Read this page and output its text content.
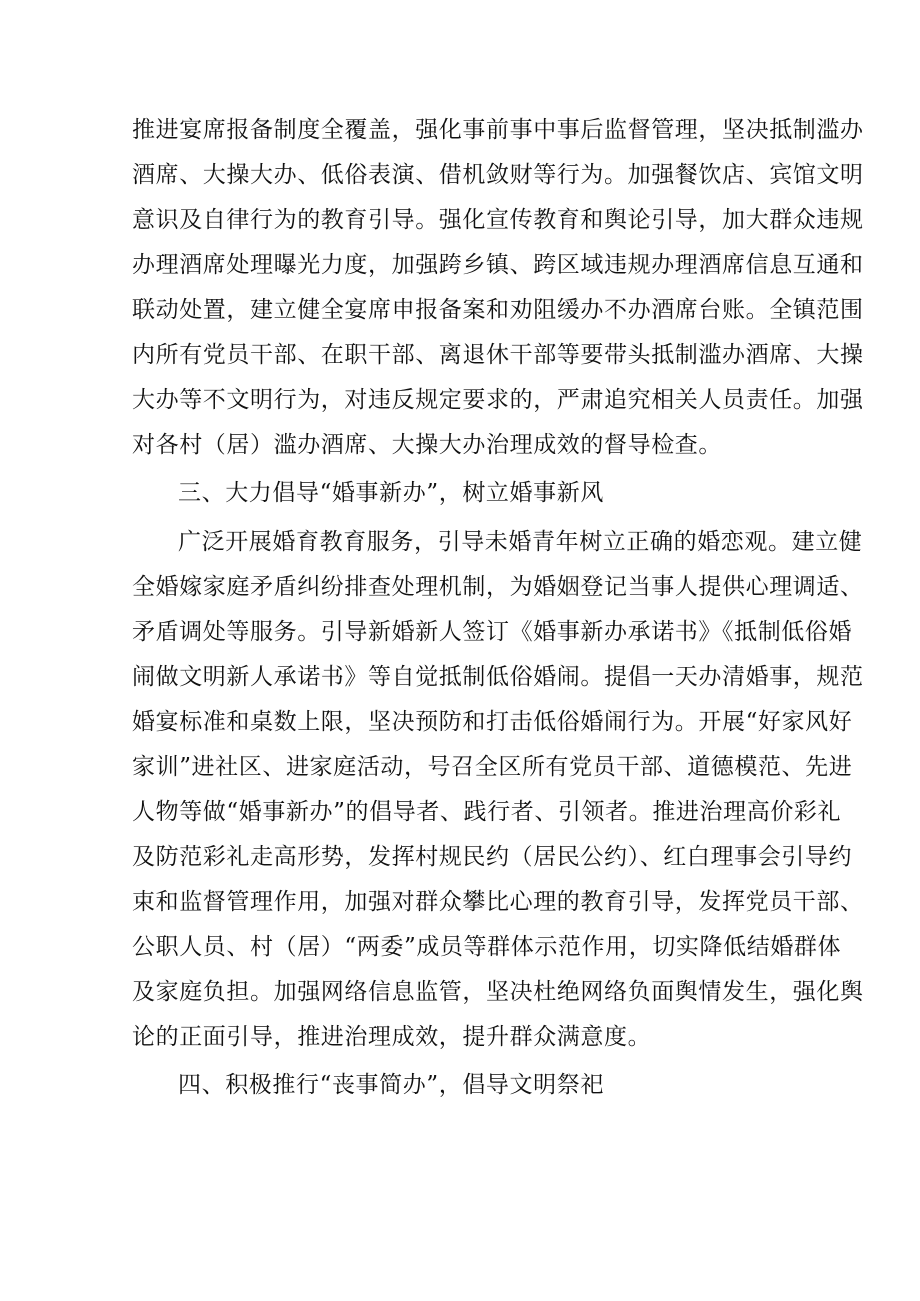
推进宴席报备制度全覆盖，强化事前事中事后监督管理，坚决抵制滥办
酒席、大操大办、低俗表演、借机敛财等行为。加强餐饮店、宾馆文明
意识及自律行为的教育引导。强化宣传教育和舆论引导，加大群众违规
办理酒席处理曝光力度，加强跨乡镇、跨区域违规办理酒席信息互通和
联动处置，建立健全宴席申报备案和劝阻缓办不办酒席台账。全镇范围
内所有党员干部、在职干部、离退休干部等要带头抵制滥办酒席、大操
大办等不文明行为，对违反规定要求的，严肃追究相关人员责任。加强
对各村（居）滥办酒席、大操大办治理成效的督导检查。
三、大力倡导“婚事新办”，树立婚事新风
广泛开展婚育教育服务，引导未婚青年树立正确的婚恋观。建立健
全婚嫁家庭矛盾纠纷排查处理机制，为婚姻登记当事人提供心理调适、
矛盾调处等服务。引导新婚新人签订《婚事新办承诺书》《抵制低俗婚
闹做文明新人承诺书》等自觉抵制低俗婚闹。提倡一天办清婚事，规范
婚宴标准和桌数上限，坚决预防和打击低俗婚闹行为。开展“好家风好
家训”进社区、进家庭活动，号召全区所有党员干部、道德模范、先进
人物等做“婚事新办”的倡导者、践行者、引领者。推进治理高价彩礼
及防范彩礼走高形势，发挥村规民约（居民公约）、红白理事会引导约
束和监督管理作用，加强对群众攀比心理的教育引导，发挥党员干部、
公职人员、村（居）“两委”成员等群体示范作用，切实降低结婚群体
及家庭负担。加强网络信息监管，坚决杜绝网络负面舆情发生，强化舆
论的正面引导，推进治理成效，提升群众满意度。
四、积极推行“丧事简办”，倡导文明祭祀
